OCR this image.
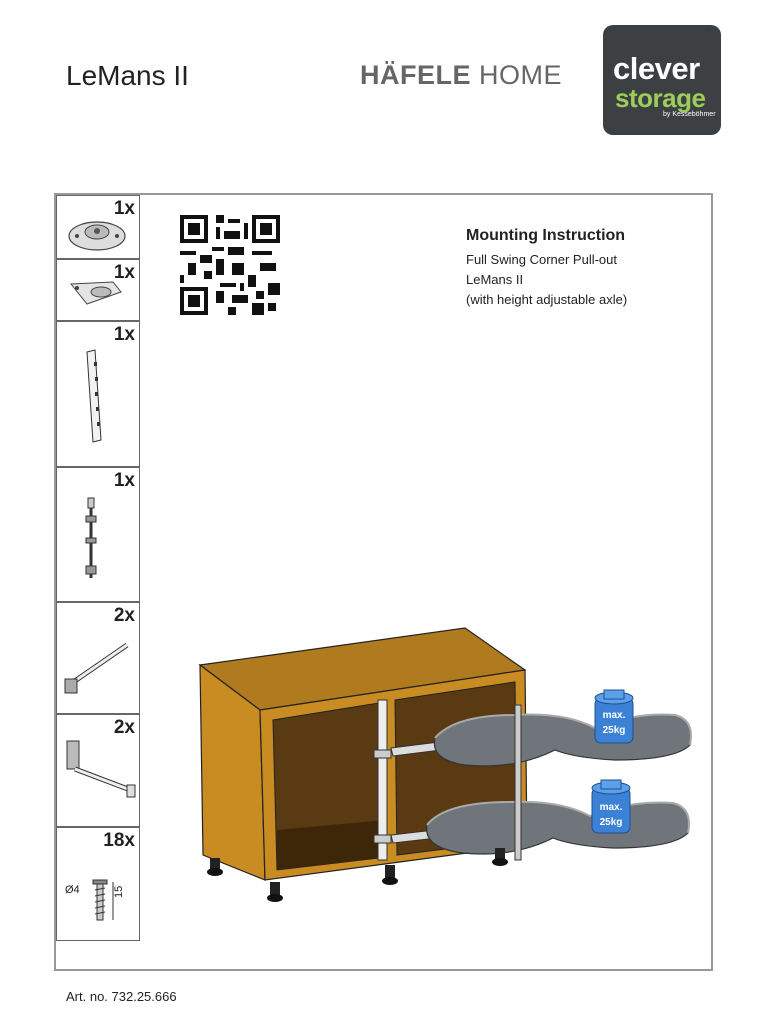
LeMans II	HÄFELE HOME clever
storage
by Kesseböhmer
1x
1x
1x
1x
2x
2x
18x
Ø4	15
Mounting Instruction
Full Swing Corner Pull-out
LeMans II
(with height adjustable axle)
max.
25kg
max.
25kg
Art. no. 732.25.666
